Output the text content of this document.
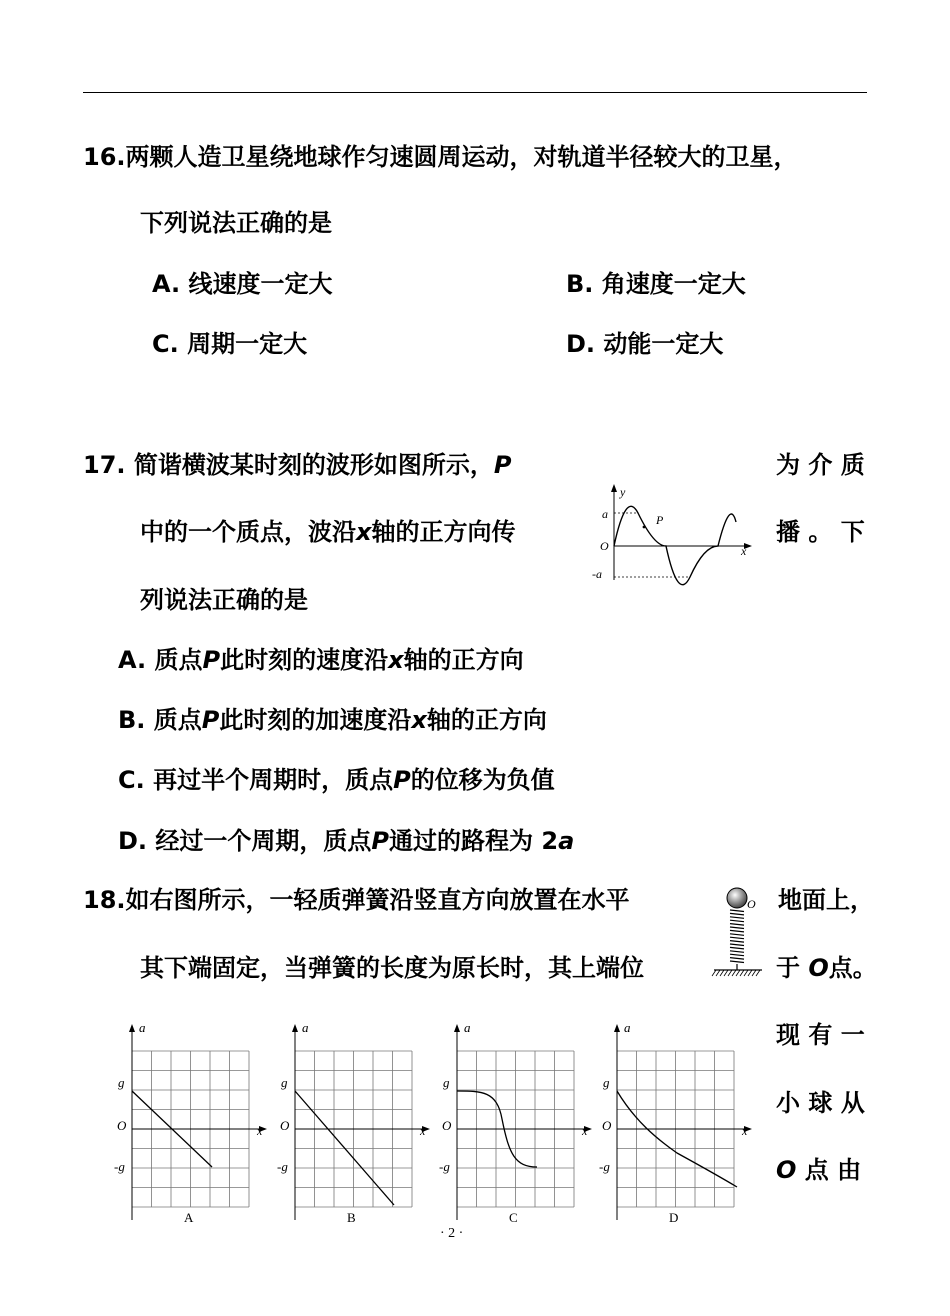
16.两颗人造卫星绕地球作匀速圆周运动，对轨道半径较大的卫星，
下列说法正确的是
A. 线速度一定大	B. 角速度一定大
C. 周期一定大	D. 动能一定大
17. 简谐横波某时刻的波形如图所示，P	为 介 质
中的一个质点，波沿x轴的正方向传	播 。 下
列说法正确的是
y
x
a
-a
O
P
A. 质点P此时刻的速度沿x轴的正方向
B. 质点P此时刻的加速度沿x轴的正方向
C. 再过半个周期时，质点P的位移为负值
D. 经过一个周期，质点P通过的路程为 2a
18.如右图所示，一轻质弹簧沿竖直方向放置在水平	地面上，
其下端固定，当弹簧的长度为原长时，其上端位	于 O点。
O
现 有 一
小 球 从
O 点 由
a
x
g
-g
O
A
a
x
g
-g
O
B
a
x
g
-g
O
C
a
x
g
-g
O
D
· 2 ·
